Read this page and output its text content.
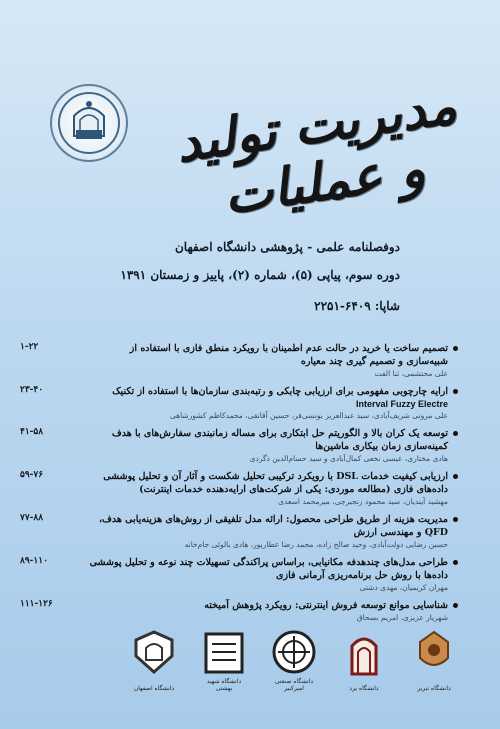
مدیریت تولید و عملیات

دوفصلنامه علمی - پژوهشی دانشگاه اصفهان

دوره سوم، پیاپی (۵)، شماره (۲)، پاییز و زمستان ۱۳۹۱

شاپا: ۶۴۰۹-۲۲۵۱

۱-۲۲	تصمیم ساخت یا خرید در حالت عدم اطمینان با رویکرد منطق فازی با استفاده از شبیه‌سازی و تصمیم گیری چند معیاره
علی محتشمی، ثنا الفت
۲۳-۴۰	ارایه چارچوبی مفهومی برای ارزیابی چابکی و رتبه‌بندی سازمان‌ها با استفاده از تکنیک
Interval Fuzzy Electre
علی مروتی شریف‌آبادی، سید عبدالعزیز یونسی‌فر، حسین آقاتقی، محمدکاظم کشورشاهی
۴۱-۵۸	توسعه یک کران بالا و الگوریتم حل ابتکاری برای مساله زمانبندی سفارش‌های با هدف کمینه‌سازی زمان بیکاری ماشین‌ها
هادی مختاری، عیسی نخعی کمال‌آبادی و سید حسام‌الدین ذگردی
۵۹-۷۶	ارزیابی کیفیت خدمات DSL با رویکرد ترکیبی تحلیل شکست و آثار آن و تحلیل پوششی داده‌های فازی (مطالعه موردی: یکی از شرکت‌های ارایه‌دهنده خدمات اینترنت)
مهشید آیندیان، سید محمود زنجیرچی، میرمحمد اسعدی
۷۷-۸۸	مدیریت هزینه از طریق طراحی محصول: ارائه مدل تلفیقی از روش‌های هزینه‌یابی هدف، QFD و مهندسی ارزش
حسین رضایی دولت‌آبادی، وحید صالح زاده، محمد رضا عطارپور، هادی بالوئی جام‌خانه
۸۹-۱۱۰	طراحی مدل‌های چندهدفه مکانیابی، براساس پراکندگی تسهیلات چند نوعه و تحلیل پوششی داده‌ها با روش حل برنامه‌ریزی آرمانی فازی
مهران کریمیان، مهدی دشتی
۱۱۱-۱۲۶	شناسایی موانع توسعه فروش اینترنتی: رویکرد پژوهش آمیخته
شهریار عزیزی، امریم بسحاق
دانشگاه تبریز
دانشگاه یزد
دانشگاه صنعتی امیرکبیر
دانشگاه شهید بهشتی
دانشگاه اصفهان
